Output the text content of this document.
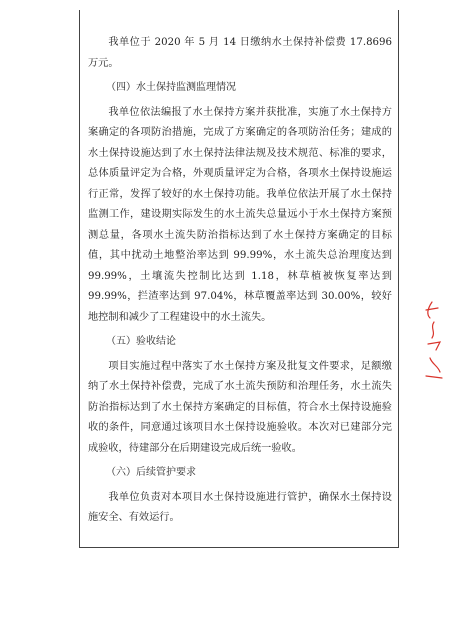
我单位于 2020 年 5 月 14 日缴纳水土保持补偿费 17.8696 万元。

（四）水土保持监测监理情况

我单位依法编报了水土保持方案并获批准，实施了水土保持方案确定的各项防治措施，完成了方案确定的各项防治任务；建成的水土保持设施达到了水土保持法律法规及技术规范、标准的要求，总体质量评定为合格，外观质量评定为合格，各项水土保持设施运行正常，发挥了较好的水土保持功能。我单位依法开展了水土保持监测工作，建设期实际发生的水土流失总量远小于水土保持方案预测总量，各项水土流失防治指标达到了水土保持方案确定的目标值，其中扰动土地整治率达到 99.99%，水土流失总治理度达到 99.99%，土壤流失控制比达到 1.18，林草植被恢复率达到 99.99%，拦渣率达到 97.04%，林草覆盖率达到 30.00%，较好地控制和减少了工程建设中的水土流失。

（五）验收结论

项目实施过程中落实了水土保持方案及批复文件要求，足额缴纳了水土保持补偿费，完成了水土流失预防和治理任务，水土流失防治指标达到了水土保持方案确定的目标值，符合水土保持设施验收的条件，同意通过该项目水土保持设施验收。本次对已建部分完成验收，待建部分在后期建设完成后统一验收。

（六）后续管护要求

我单位负责对本项目水土保持设施进行管护，确保水土保持设施安全、有效运行。
